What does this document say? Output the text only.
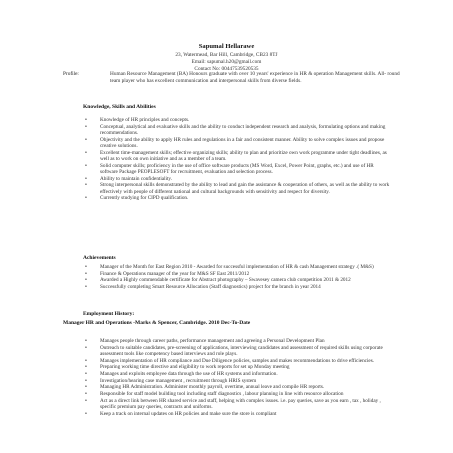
Sapumal Hellarawe
23, Watermead, Bar Hill, Cambridge, CB23 8TJ
Email: sapumal.h20@gmail.com
Contact No: 00447539520535
Profile:	Human Resource Management (BA) Honours graduate with over 10 years' experience in HR & operation Management skills. All- round team player who has excellent communication and interpersonal skills from diverse fields.
Knowledge, Skills and Abilities
•	Knowledge of HR principles and concepts.
•	Conceptual, analytical and evaluative skills and the ability to conduct independent research and analysis, formulating options and making recommendations.
•	Objectivity and the ability to apply HR rules and regulations in a fair and consistent manner. Ability to solve complex issues and propose creative solutions.
•	Excellent time-management skills; effective organizing skills; ability to plan and prioritize own work programme under tight deadlines, as well as to work on own initiative and as a member of a team.
•	Solid computer skills; proficiency in the use of office software products (MS Word, Excel, Power Point, graphs, etc.) and use of HR software Package PEOPLESOFT for recruitment, evaluation and selection process.
•	Ability to maintain confidentiality.
•	Strong interpersonal skills demonstrated by the ability to lead and gain the assistance & cooperation of others, as well as the ability to work effectively with people of different national and cultural backgrounds with sensitivity and respect for diversity.
•	Currently studying for CIPD qualification.
Achievements
•	Manager of the Month for East Region 2010 - Awarded for successful implementation of HR & cash Management strategy .( M&S)
•	Finance & Operations manager of the year for M&S SF East 2011/2012
•	Awarded a Highly commendable certificate for Abstract photography – Swavesey camera club competition 2011 & 2012
•	Successfully completing Smart Resource Allocation (Staff diagnostics) project for the branch in year 2014
Employment History:
Manager HR and Operations -Marks & Spencer, Cambridge. 2010 Dec-To-Date
•	Manages people through career paths, performance management and agreeing a Personal Development Plan
•	Outreach to suitable candidates, pre-screening of applications, interviewing candidates and assessment of required skills using corporate assessment tools like competency based interviews and role plays.
•	Manages implementation of HR compliance and Due Diligence policies, samples and makes recommendations to drive efficiencies.
•	Preparing working time directive and eligibility to work reports for set up Monday meeting
•	Manages and exploits employee data through the use of HR systems and information.
•	Investigation/hearing case management , recruitment through HRIS system
•	Managing HR Administration. Administer monthly payroll, overtime, annual leave and compile HR reports.
•	Responsible for staff model building tool including staff diagnostics , labour planning in line with resource allocation
•	Act as a direct link between HR shared service and staff, helping with complex issues. i.e. pay queries, save as you earn , tax , holiday , specific premium pay queries, contracts and uniforms.
•	Keep a track on internal updates on HR policies and make sure the store is compliant
